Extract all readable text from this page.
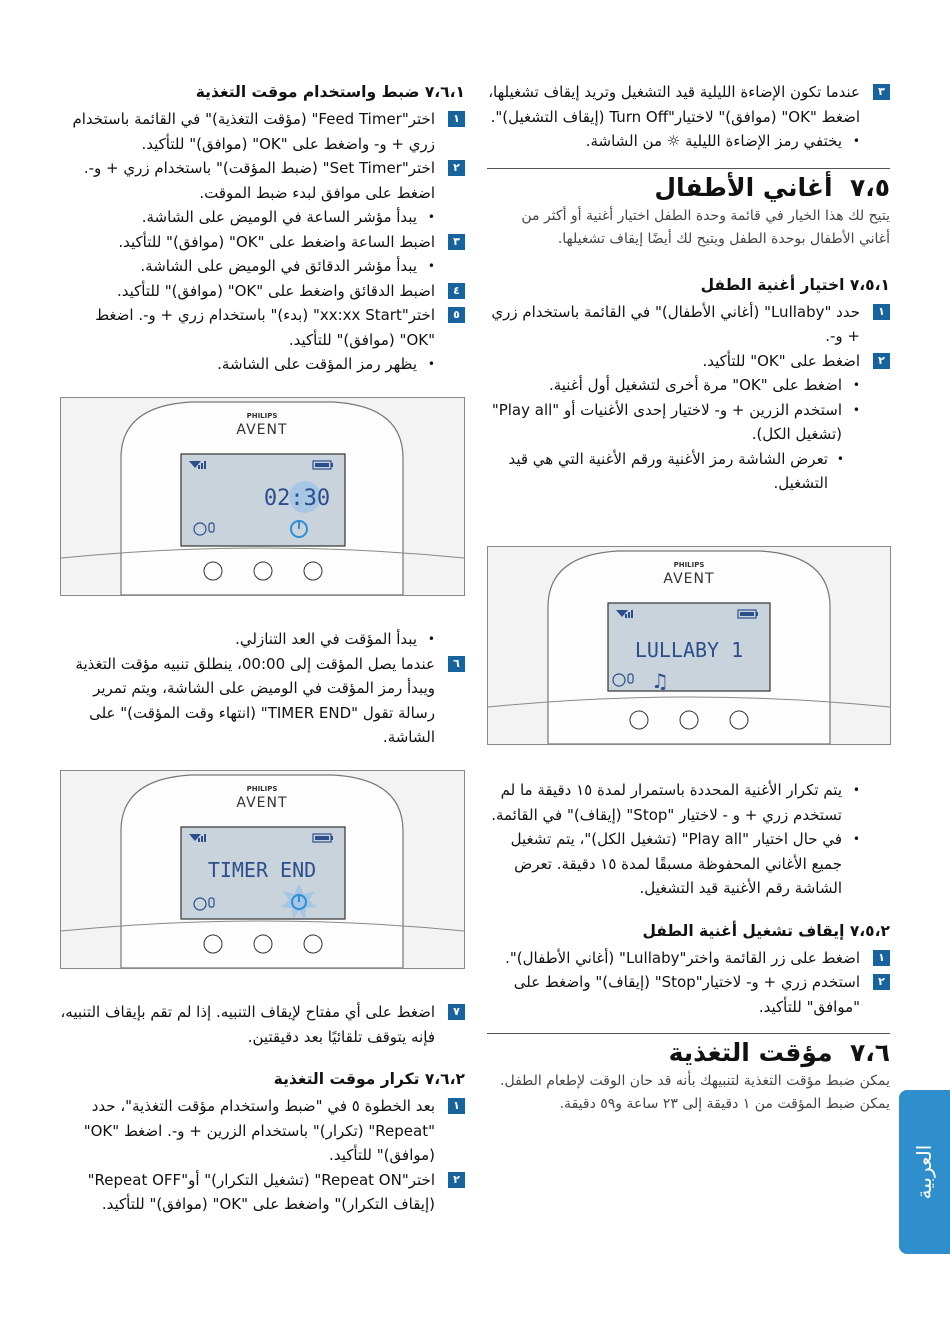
٣
عندما تكون الإضاءة الليلية قيد التشغيل وتريد إيقاف تشغيلها، اضغط "OK" (موافق)" لاختيار"Turn Off (إيقاف التشغيل)".
•
يختفي رمز الإضاءة الليلية ☼ من الشاشة.

٧،٥  أغاني الأطفال

يتيح لك هذا الخيار في قائمة وحدة الطفل اختيار أغنية أو أكثر من أغاني الأطفال بوحدة الطفل ويتيح لك أيضًا إيقاف تشغيلها.

٧،٥،١ اختيار أغنية الطفل

١
حدد "Lullaby" (أغاني الأطفال)" في القائمة باستخدام زري + و-.
٢
اضغط على "OK" للتأكيد.
•
اضغط على "OK" مرة أخرى لتشغيل أول أغنية.
•
استخدم الزرين + و- لاختيار إحدى الأغنيات أو "Play all" (تشغيل الكل).
•
تعرض الشاشة رمز الأغنية ورقم الأغنية التي هي قيد التشغيل.
PHILIPS
AVENT
LULLABY 1
♫
•
يتم تكرار الأغنية المحددة باستمرار لمدة ١٥ دقيقة ما لم تستخدم زري + و - لاختيار "Stop" (إيقاف)" في القائمة.
•
في حال اختيار "Play all" (تشغيل الكل)"، يتم تشغيل جميع الأغاني المحفوظة مسبقًا لمدة ١٥ دقيقة. تعرض الشاشة رقم الأغنية قيد التشغيل.

٧،٥،٢ إيقاف تشغيل أغنية الطفل

١
اضغط على زر القائمة واختر"Lullaby" (أغاني الأطفال)".
٢
استخدم زري + و- لاختيار"Stop" (إيقاف)" واضغط على "موافق" للتأكيد.

٧،٦  مؤقت التغذية

يمكن ضبط مؤقت التغذية لتنبيهك بأنه قد حان الوقت لإطعام الطفل. يمكن ضبط المؤقت من ١ دقيقة إلى ٢٣ ساعة و٥٩ دقيقة.

٧،٦،١ ضبط واستخدام موقت التغذية

١
اختر"Feed Timer" (مؤقت التغذية)" في القائمة باستخدام زري + و- واضغط على "OK" (موافق)" للتأكيد.
٢
اختر"Set Timer" (ضبط المؤقت)" باستخدام زري + و-. اضغط على موافق لبدء ضبط الموقت.
•
يبدأ مؤشر الساعة في الوميض على الشاشة.
٣
اضبط الساعة واضغط على "OK" (موافق)" للتأكيد.
•
يبدأ مؤشر الدقائق في الوميض على الشاشة.
٤
اضبط الدقائق واضغط على "OK" (موافق)" للتأكيد.
٥
اختر"xx:xx Start" (بدء)" باستخدام زري + و-. اضغط "OK" (موافق)" للتأكيد.
•
يظهر رمز المؤقت على الشاشة.
PHILIPS
AVENT
02:30
•
يبدأ المؤقت في العد التنازلي.
٦
عندما يصل المؤقت إلى 00:00، ينطلق تنبيه مؤقت التغذية ويبدأ رمز المؤقت في الوميض على الشاشة، ويتم تمرير رسالة تقول "TIMER END" (انتهاء وقت المؤقت)" على الشاشة.
PHILIPS
AVENT
TIMER END
٧
اضغط على أي مفتاح لإيقاف التنبيه. إذا لم تقم بإيقاف التنبيه، فإنه يتوقف تلقائيًا بعد دقيقتين.

٧،٦،٢ تكرار موقت التغذية

١
بعد الخطوة ٥ في "ضبط واستخدام مؤقت التغذية"، حدد "Repeat" (تكرار)" باستخدام الزرين + و-. اضغط "OK" (موافق)" للتأكيد.
٢
اختر"Repeat ON" (تشغيل التكرار)" أو"Repeat OFF" (إيقاف التكرار)" واضغط على "OK" (موافق)" للتأكيد.
العربية
